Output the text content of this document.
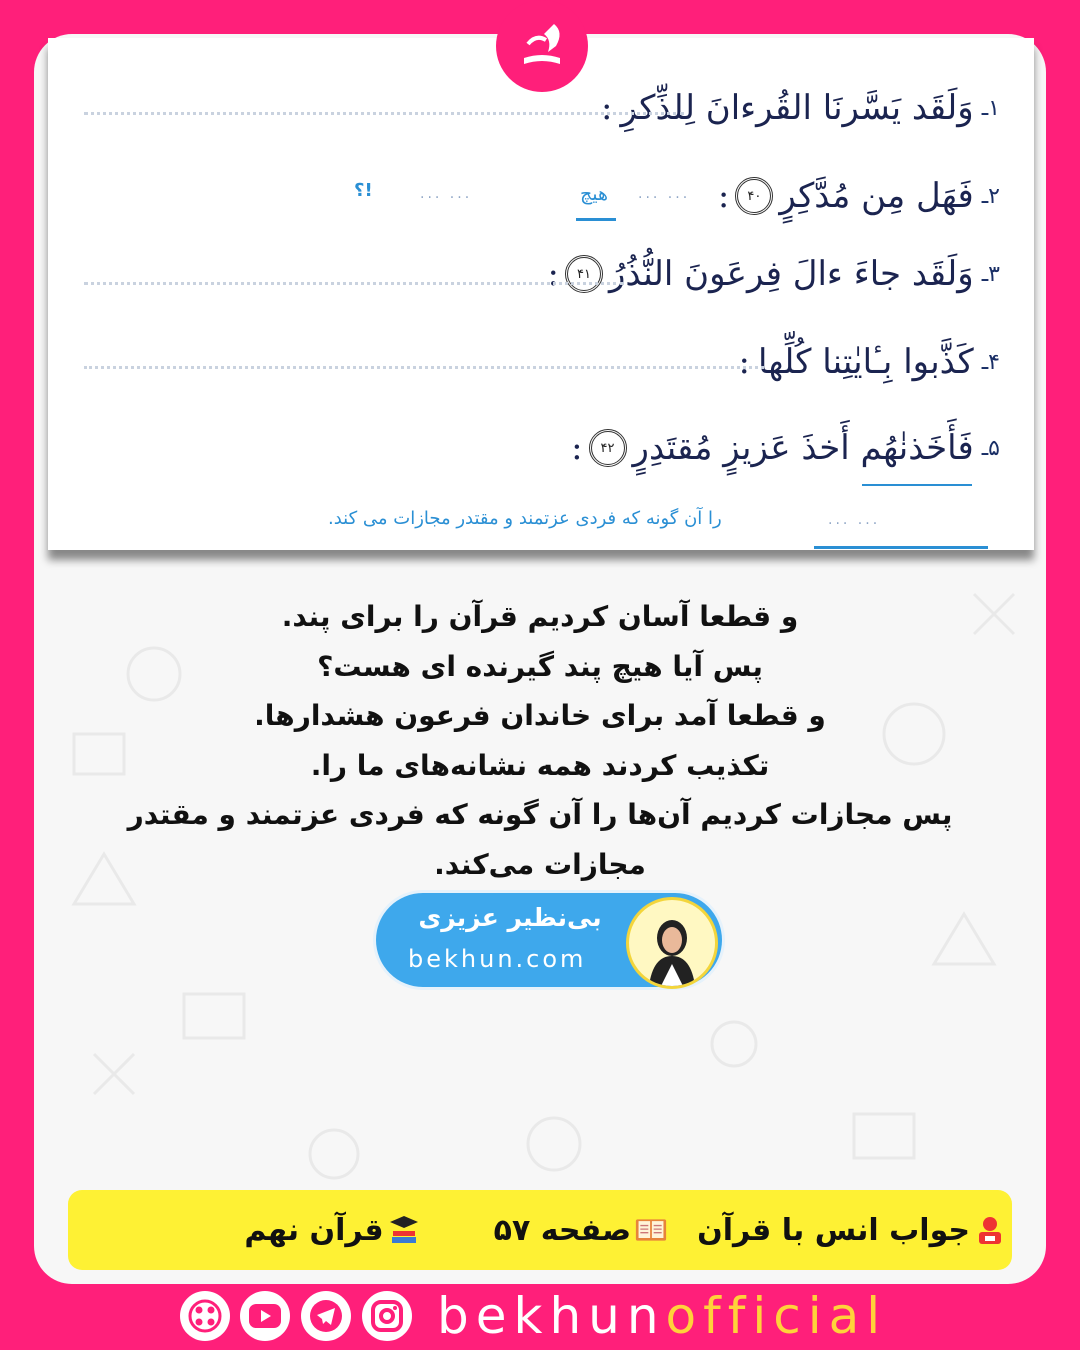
۱ـ
وَلَقَد یَسَّرنَا القُرءانَ لِلذِّکرِ
:
۲ـ
فَهَل مِن مُدَّکِرٍ
۴۰
:
... ...
هیچ
... ...
؟!
۳ـ
وَلَقَد جاءَ ءالَ فِرعَونَ النُّذُرُ
۴۱
:
۴ـ
کَذَّبوا بِـٔایٰتِنا کُلِّها
:
۵ـ
فَأَخَذنٰهُم أَخذَ عَزیزٍ مُقتَدِرٍ
۴۲
:
را آن گونه که فردی عزتمند و مقتدر مجازات می کند.	... ...
و قطعا آسان کردیم قرآن را برای پند.
پس آیا هیچ پند گیرنده ای هست؟
و قطعا آمد برای خاندان فرعون هشدارها.
تکذیب کردند همه نشانه‌های ما را.
پس مجازات کردیم آن‌ها را آن گونه که فردی عزتمند و مقتدر مجازات می‌کند.
بی‌نظیر عزیزی
bekhun.com
جواب انس با قرآن
صفحه ۵۷
قرآن نهم
bekhunofficial
